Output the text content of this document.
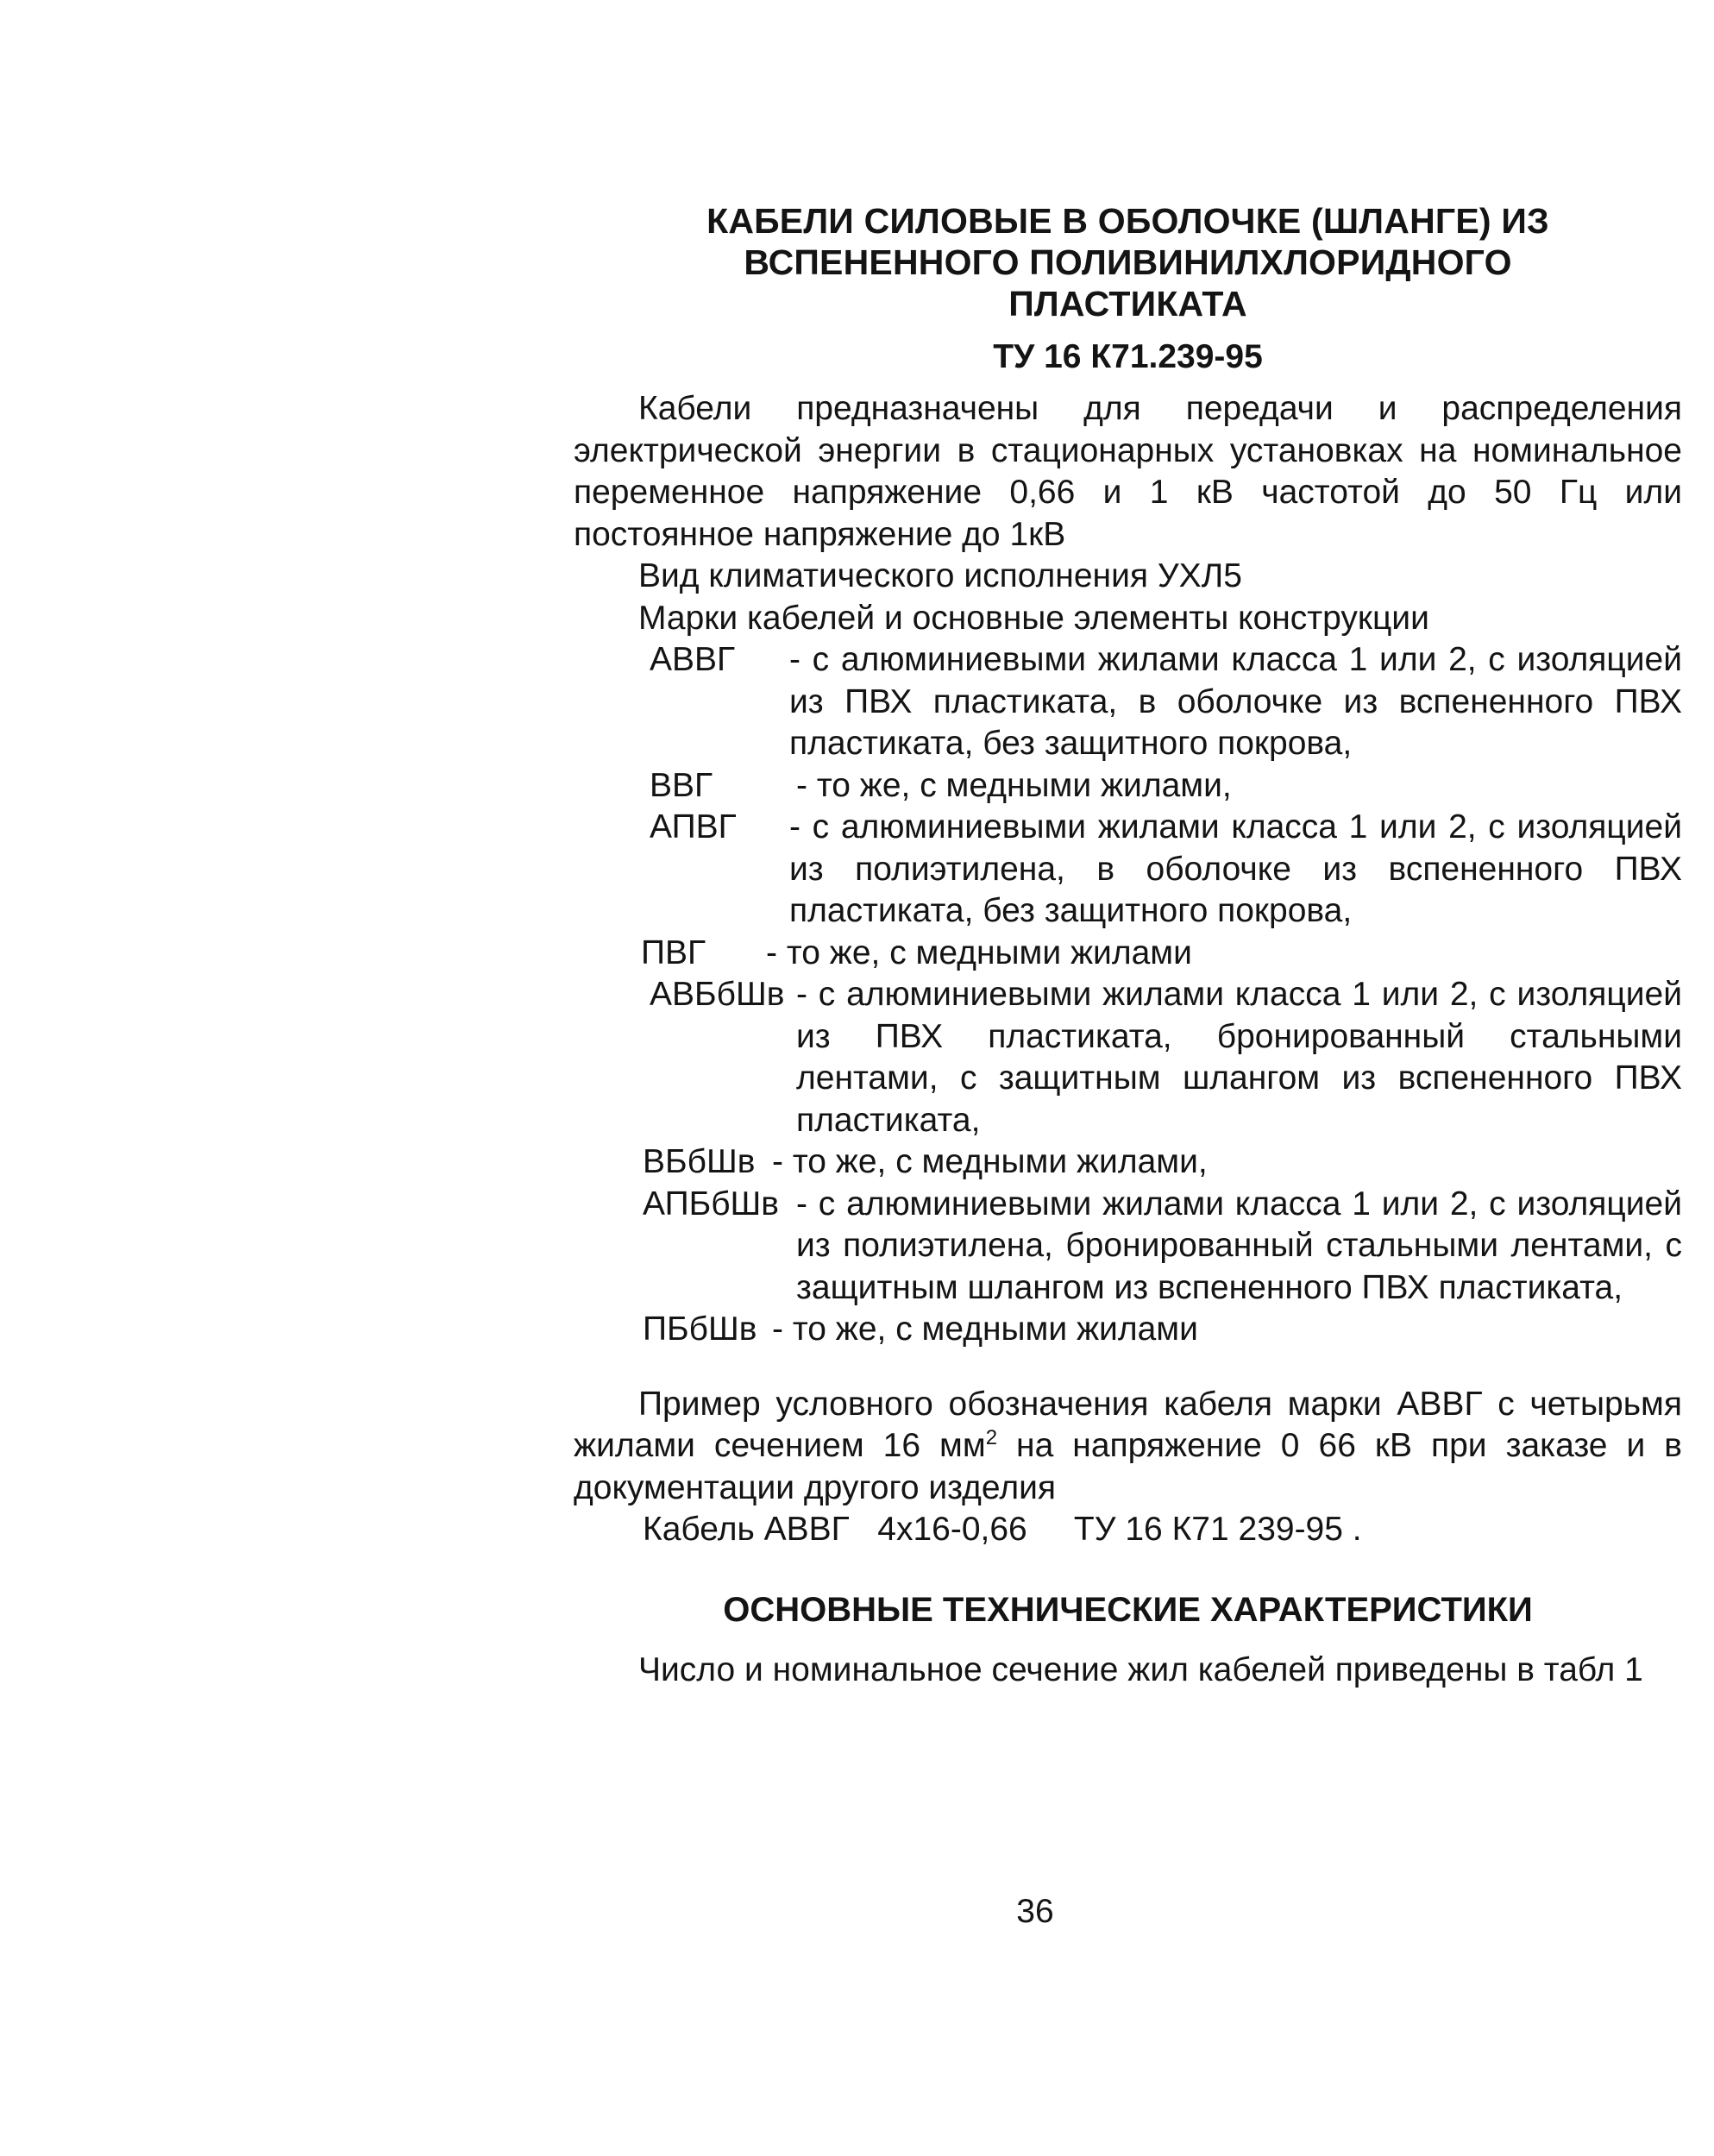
КАБЕЛИ СИЛОВЫЕ В ОБОЛОЧКЕ (ШЛАНГЕ) ИЗ

ВСПЕНЕННОГО ПОЛИВИНИЛХЛОРИДНОГО

ПЛАСТИКАТА

ТУ 16 К71.239-95

Кабели предназначены для передачи и распределения электрической энергии в стационарных установках на номинальное переменное напряжение 0,66 и 1 кВ частотой до 50 Гц или постоянное напряжение до 1кВ

Вид климатического исполнения УХЛ5

Марки кабелей и основные элементы конструкции

АВВГ	- с алюминиевыми жилами класса 1 или 2, с изоляцией из ПВХ пластиката, в оболочке из вспененного ПВХ пластиката, без защитного покрова,
ВВГ	- то же, с медными жилами,
АПВГ	- с алюминиевыми жилами класса 1 или 2, с изоляцией из полиэтилена, в оболочке из вспененного ПВХ пластиката, без защитного покрова,
ПВГ	- то же, с медными жилами
АВБбШв - с алюминиевыми жилами класса 1 или 2, с изоляцией из ПВХ пластиката, бронированный стальными лентами, с защитным шлангом из вспененного ПВХ пластиката,
ВБбШв - то же, с медными жилами,
АПБбШв - с алюминиевыми жилами класса 1 или 2, с изоляцией из полиэтилена, бронированный стальными лентами, с защитным шлангом из вспененного ПВХ пластиката,
ПБбШв - то же, с медными жилами

Пример условного обозначения кабеля марки АВВГ с четырьмя жилами сечением 16 $мм^2$ на напряжение 0 66 кВ при заказе и в документации другого изделия

Кабель АВВГ   4х16-0,66     ТУ 16 К71 239-95 .

ОСНОВНЫЕ ТЕХНИЧЕСКИЕ ХАРАКТЕРИСТИКИ

Число и номинальное сечение жил кабелей приведены в табл 1

36
